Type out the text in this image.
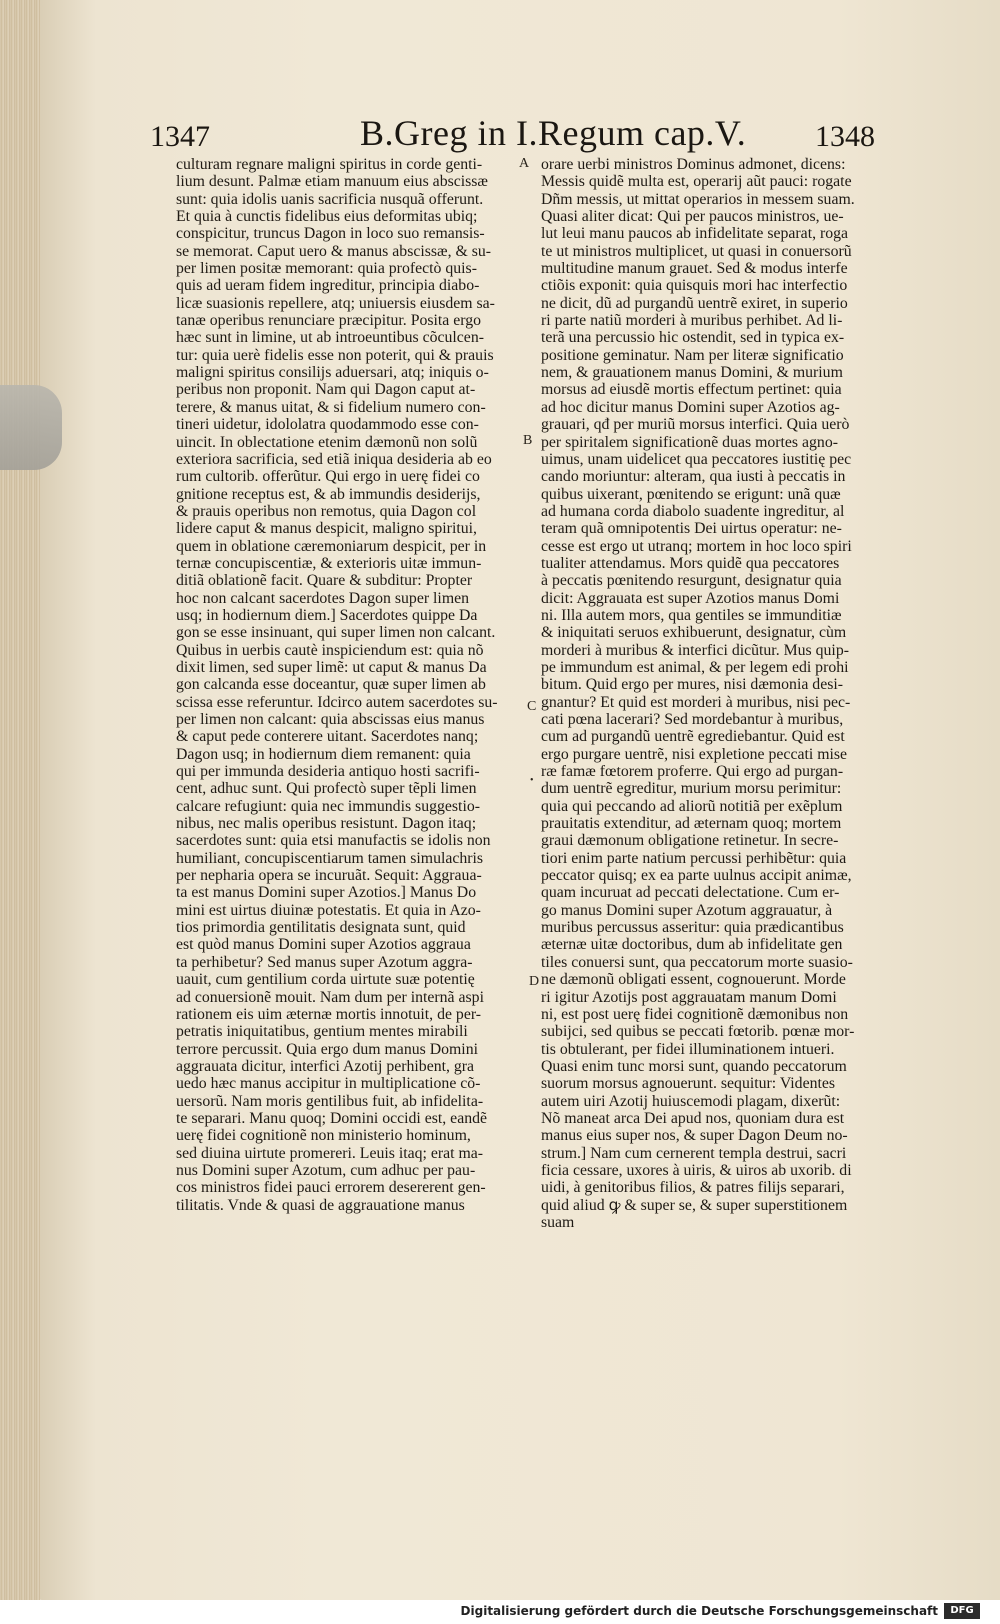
1347	B.Greg in I.Regum cap.V. 1348
culturam regnare maligni spiritus in corde genti-
lium desunt. Palmæ etiam manuum eius abscissæ
sunt: quia idolis uanis sacrificia nusquã offerunt.
Et quia à cunctis fidelibus eius deformitas ubiq;
conspicitur, truncus Dagon in loco suo remansis-
se memorat. Caput uero & manus abscissæ, & su-
per limen positæ memorant: quia profectò quis-
quis ad ueram fidem ingreditur, principia diabo-
licæ suasionis repellere, atq; uniuersis eiusdem sa-
tanæ operibus renunciare præcipitur. Posita ergo
hæc sunt in limine, ut ab introeuntibus cõculcen-
tur: quia uerè fidelis esse non poterit, qui & prauis
maligni spiritus consilijs aduersari, atq; iniquis o-
peribus non proponit. Nam qui Dagon caput at-
terere, & manus uitat, & si fidelium numero con-
tineri uidetur, idololatra quodammodo esse con-
uincit. In oblectatione etenim dæmonũ non solũ
exteriora sacrificia, sed etiã iniqua desideria ab eo
rum cultorib. offerũtur. Qui ergo in uerę fidei co
gnitione receptus est, & ab immundis desiderijs,
& prauis operibus non remotus, quia Dagon col
lidere caput & manus despicit, maligno spiritui,
quem in oblatione cæremoniarum despicit, per in
ternæ concupiscentiæ, & exterioris uitæ immun-
ditiã oblationẽ facit. Quare & subditur: Propter
hoc non calcant sacerdotes Dagon super limen
usq; in hodiernum diem.] Sacerdotes quippe Da
gon se esse insinuant, qui super limen non calcant.
Quibus in uerbis cautè inspiciendum est: quia nõ
dixit limen, sed super limẽ: ut caput & manus Da
gon calcanda esse doceantur, quæ super limen ab
scissa esse referuntur. Idcirco autem sacerdotes su-
per limen non calcant: quia abscissas eius manus
& caput pede conterere uitant. Sacerdotes nanq;
Dagon usq; in hodiernum diem remanent: quia
qui per immunda desideria antiquo hosti sacrifi-
cent, adhuc sunt. Qui profectò super tẽpli limen
calcare refugiunt: quia nec immundis suggestio-
nibus, nec malis operibus resistunt. Dagon itaq;
sacerdotes sunt: quia etsi manufactis se idolis non
humiliant, concupiscentiarum tamen simulachris
per nepharia opera se incuruãt. Sequit: Aggraua-
ta est manus Domini super Azotios.] Manus Do
mini est uirtus diuinæ potestatis. Et quia in Azo-
tios primordia gentilitatis designata sunt, quid
est quòd manus Domini super Azotios aggraua
ta perhibetur? Sed manus super Azotum aggra-
uauit, cum gentilium corda uirtute suæ potentię
ad conuersionẽ mouit. Nam dum per internã aspi
rationem eis uim æternæ mortis innotuit, de per-
petratis iniquitatibus, gentium mentes mirabili
terrore percussit. Quia ergo dum manus Domini
aggrauata dicitur, interfici Azotij perhibent, gra
uedo hæc manus accipitur in multiplicatione cõ-
uersorũ. Nam moris gentilibus fuit, ab infidelita-
te separari. Manu quoq; Domini occidi est, eandẽ
uerę fidei cognitionẽ non ministerio hominum,
sed diuina uirtute promereri. Leuis itaq; erat ma-
nus Domini super Azotum, cum adhuc per pau-
cos ministros fidei pauci errorem desererent gen-
tilitatis. Vnde & quasi de aggrauatione manus
orare uerbi ministros Dominus admonet, dicens:
Messis quidẽ multa est, operarij aũt pauci: rogate
Dñm messis, ut mittat operarios in messem suam.
Quasi aliter dicat: Qui per paucos ministros, ue-
lut leui manu paucos ab infidelitate separat, roga
te ut ministros multiplicet, ut quasi in conuersorũ
multitudine manum grauet. Sed & modus interfe
ctiõis exponit: quia quisquis mori hac interfectio
ne dicit, dũ ad purgandũ uentrẽ exiret, in superio
ri parte natiũ morderi à muribus perhibet. Ad li-
terã una percussio hic ostendit, sed in typica ex-
positione geminatur. Nam per literæ significatio
nem, & grauationem manus Domini, & murium
morsus ad eiusdẽ mortis effectum pertinet: quia
ad hoc dicitur manus Domini super Azotios ag-
grauari, qđ per muriũ morsus interfici. Quia uerò
per spiritalem significationẽ duas mortes agno-
uimus, unam uidelicet qua peccatores iustitię pec
cando moriuntur: alteram, qua iusti à peccatis in
quibus uixerant, pœnitendo se erigunt: unã quæ
ad humana corda diabolo suadente ingreditur, al
teram quã omnipotentis Dei uirtus operatur: ne-
cesse est ergo ut utranq; mortem in hoc loco spiri
tualiter attendamus. Mors quidẽ qua peccatores
à peccatis pœnitendo resurgunt, designatur quia
dicit: Aggrauata est super Azotios manus Domi
ni. Illa autem mors, qua gentiles se immunditiæ
& iniquitati seruos exhibuerunt, designatur, cùm
morderi à muribus & interfici dicũtur. Mus quip-
pe immundum est animal, & per legem edi prohi
bitum. Quid ergo per mures, nisi dæmonia desi-
gnantur? Et quid est morderi à muribus, nisi pec-
cati pœna lacerari? Sed mordebantur à muribus,
cum ad purgandũ uentrẽ egrediebantur. Quid est
ergo purgare uentrẽ, nisi expletione peccati mise
ræ famæ fœtorem proferre. Qui ergo ad purgan-
dum uentrẽ egreditur, murium morsu perimitur:
quia qui peccando ad aliorũ notitiã per exẽplum
prauitatis extenditur, ad æternam quoq; mortem
graui dæmonum obligatione retinetur. In secre-
tiori enim parte natium percussi perhibẽtur: quia
peccator quisq; ex ea parte uulnus accipit animæ,
quam incuruat ad peccati delectatione. Cum er-
go manus Domini super Azotum aggrauatur, à
muribus percussus asseritur: quia prædicantibus
æternæ uitæ doctoribus, dum ab infidelitate gen
tiles conuersi sunt, qua peccatorum morte suasio-
ne dæmonũ obligati essent, cognouerunt. Morde
ri igitur Azotijs post aggrauatam manum Domi
ni, est post uerę fidei cognitionẽ dæmonibus non
subijci, sed quibus se peccati fœtorib. pœnæ mor-
tis obtulerant, per fidei illuminationem intueri.
Quasi enim tunc morsi sunt, quando peccatorum
suorum morsus agnouerunt. sequitur: Videntes
autem uiri Azotij huiuscemodi plagam, dixerũt:
Nõ maneat arca Dei apud nos, quoniam dura est
manus eius super nos, & super Dagon Deum no-
strum.] Nam cum cernerent templa destrui, sacri
ficia cessare, uxores à uiris, & uiros ab uxorib. di
uidi, à genitoribus filios, & patres filijs separari,
quid aliud ꝙ & super se, & super superstitionem
suam
A
B
C
•
D
Digitalisierung gefördert durch die Deutsche Forschungsgemeinschaft	DFG
